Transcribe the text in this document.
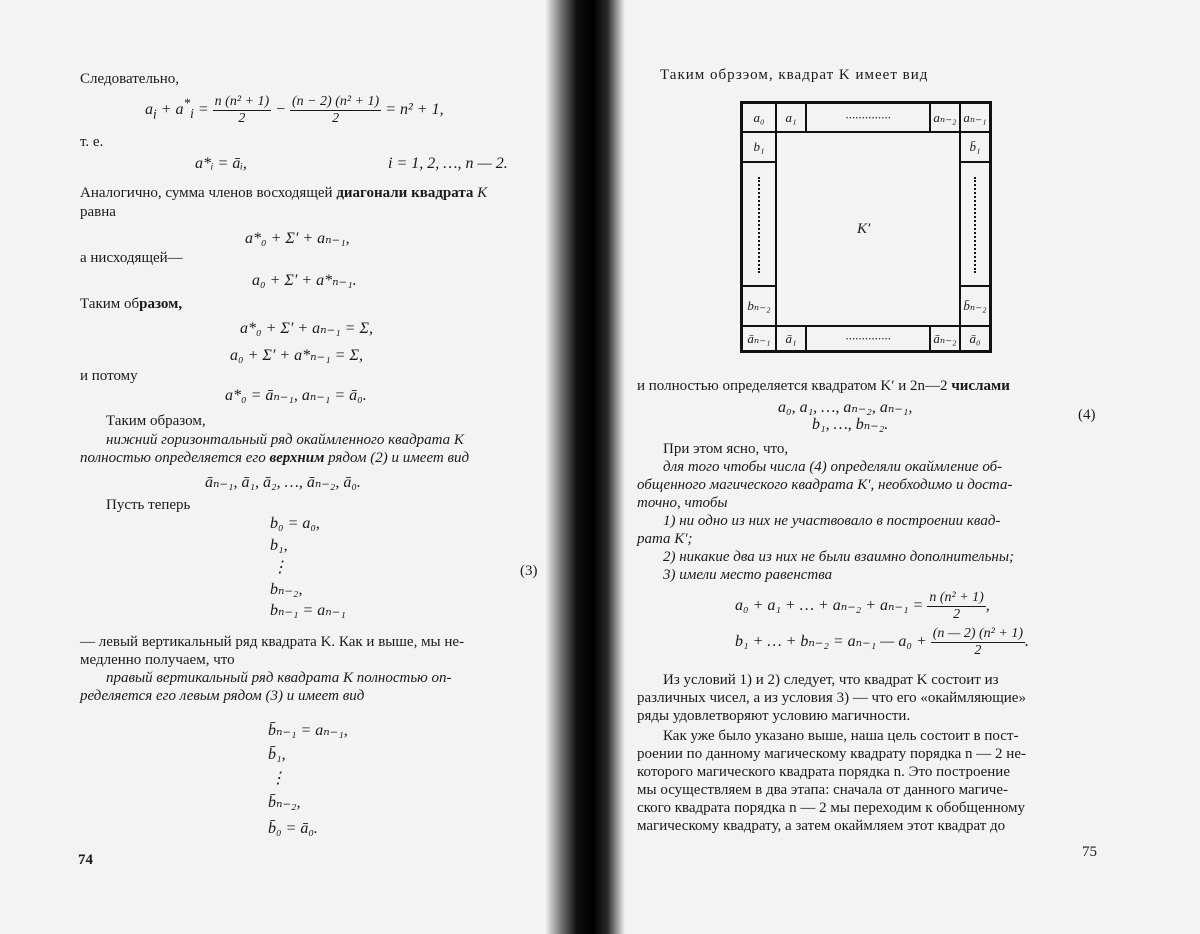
Следовательно,
$a_i + a^*_i = \frac{\text{n (n² + 1)}}{2} - \frac{\text{(n − 2) (n² + 1)}}{2} = n^2 + 1$,
т. е.
a*ᵢ = āᵢ,	i = 1, 2, …, n — 2.
Аналогично, сумма членов восходящей диагонали квадрата K
равна
a*₀ + Σ′ + aₙ₋₁,
а нисходящей—
a₀ + Σ′ + a*ₙ₋₁.
Таким образом,
a*₀ + Σ′ + aₙ₋₁ = Σ,
a₀ + Σ′ + a*ₙ₋₁ = Σ,
и потому
a*₀ = āₙ₋₁, aₙ₋₁ = ā₀.
Таким образом,
нижний горизонтальный ряд окаймленного квадрата K
полностью определяется его верхним рядом (2) и имеет вид
āₙ₋₁, ā₁, ā₂, …, āₙ₋₂, ā₀.
Пусть теперь
b₀ = a₀,
b₁,
⋮
bₙ₋₂,
bₙ₋₁ = aₙ₋₁
(3)
— левый вертикальный ряд квадрата K. Как и выше, мы не-
медленно получаем, что
правый вертикальный ряд квадрата K полностью оп-
ределяется его левым рядом (3) и имеет вид
b̄ₙ₋₁ = aₙ₋₁,
b̄₁,
⋮
b̄ₙ₋₂,
b̄₀ = ā₀.
74
Таким обрзэом, квадрат K имеет вид
a₀	a₁	··············	aₙ₋₂ aₙ₋₁
b₁	b̄₁
bₙ₋₂	b̄ₙ₋₂
K′
āₙ₋₁	ā₁	··············	āₙ₋₂ ā₀
и полностью определяется квадратом K′ и 2n—2 числами
a₀, a₁, …, aₙ₋₂, aₙ₋₁,
b₁, …, bₙ₋₂.
(4)
При этом ясно, что,
для того чтобы числа (4) определяли окаймление об-
общенного магического квадрата K′, необходимо и доста-
точно, чтобы
1) ни одно из них не участвовало в построении квад-
рата K′;
2) никакие два из них не были взаимно дополнительны;
3) имели место равенства
a₀ + a₁ + … + $a_{n-2} + a_{n-1} = \frac{\text{n (n² + 1)}}{2}$ ,
b₁ + … + bₙ₋₂ = aₙ₋₁ — $a_0 + \frac{\text{(n — 2) (n² + 1)}}{2}$ .
Из условий 1) и 2) следует, что квадрат K состоит из
различных чисел, а из условия 3) — что его «окаймляющие»
ряды удовлетворяют условию магичности.
Как уже было указано выше, наша цель состоит в пост-
роении по данному магическому квадрату порядка n — 2 не-
которого магического квадрата порядка n. Это построение
мы осуществляем в два этапа: сначала от данного магиче-
ского квадрата порядка n — 2 мы переходим к обобщенному
магическому квадрату, а затем окаймляем этот квадрат до
75
